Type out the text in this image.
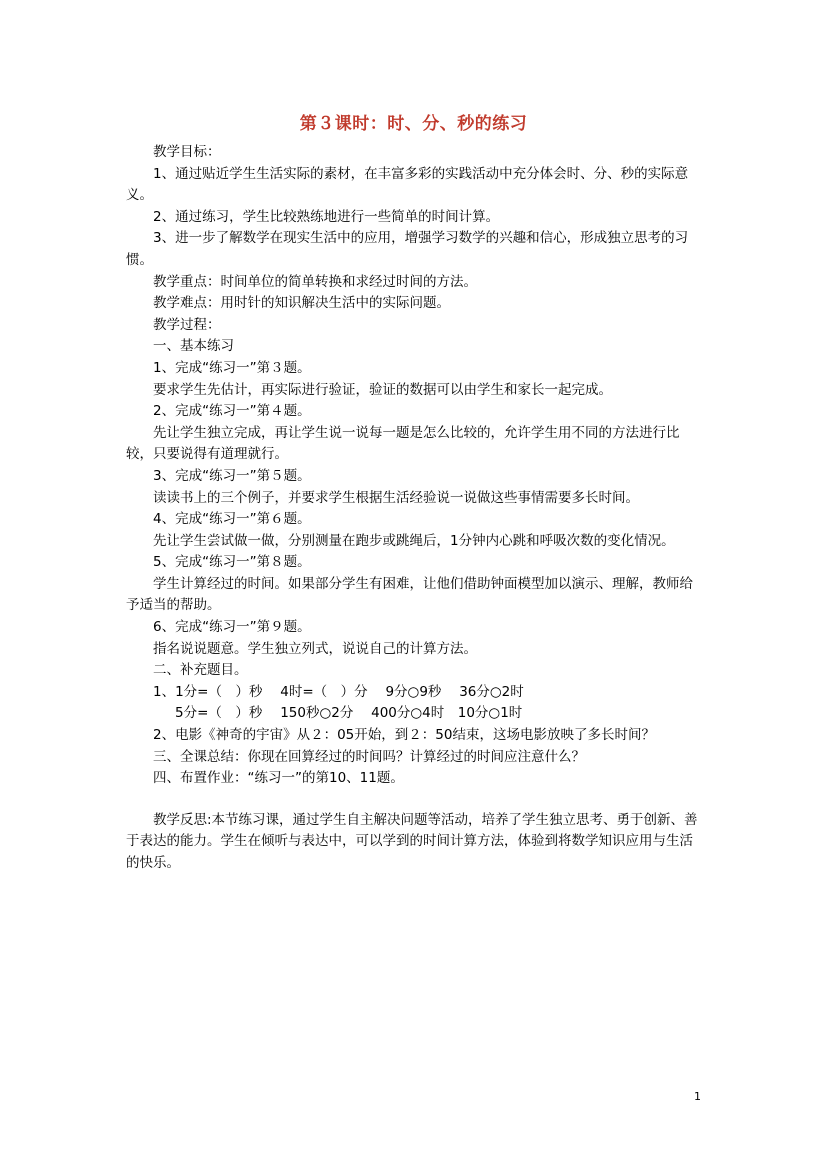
第３课时：时、分、秒的练习

教学目标：

1、通过贴近学生生活实际的素材，在丰富多彩的实践活动中充分体会时、分、秒的实际意义。

2、通过练习，学生比较熟练地进行一些简单的时间计算。

3、进一步了解数学在现实生活中的应用，增强学习数学的兴趣和信心，形成独立思考的习惯。

教学重点：时间单位的简单转换和求经过时间的方法。

教学难点：用时针的知识解决生活中的实际问题。

教学过程：

一、基本练习

1、完成“练习一”第３题。

要求学生先估计，再实际进行验证，验证的数据可以由学生和家长一起完成。

2、完成“练习一”第４题。

先让学生独立完成，再让学生说一说每一题是怎么比较的，允许学生用不同的方法进行比较，只要说得有道理就行。

3、完成“练习一”第５题。

读读书上的三个例子，并要求学生根据生活经验说一说做这些事情需要多长时间。

4、完成“练习一”第６题。

先让学生尝试做一做，分别测量在跑步或跳绳后，1分钟内心跳和呼吸次数的变化情况。

5、完成“练习一”第８题。

学生计算经过的时间。如果部分学生有困难，让他们借助钟面模型加以演示、理解，教师给予适当的帮助。

6、完成“练习一”第９题。

指名说说题意。学生独立列式，说说自己的计算方法。

二、补充题目。

1、1分=（　）秒　 4时=（　）分　 9分○9秒　 36分○2时

5分=（　）秒　 150秒○2分　 400分○4时　10分○1时

2、电影《神奇的宇宙》从２：05开始，到２：50结束，这场电影放映了多长时间？

三、全课总结：你现在回算经过的时间吗？计算经过的时间应注意什么？

四、布置作业：“练习一”的第10、11题。

教学反思:本节练习课，通过学生自主解决问题等活动，培养了学生独立思考、勇于创新、善于表达的能力。学生在倾听与表达中，可以学到的时间计算方法，体验到将数学知识应用与生活的快乐。

1
